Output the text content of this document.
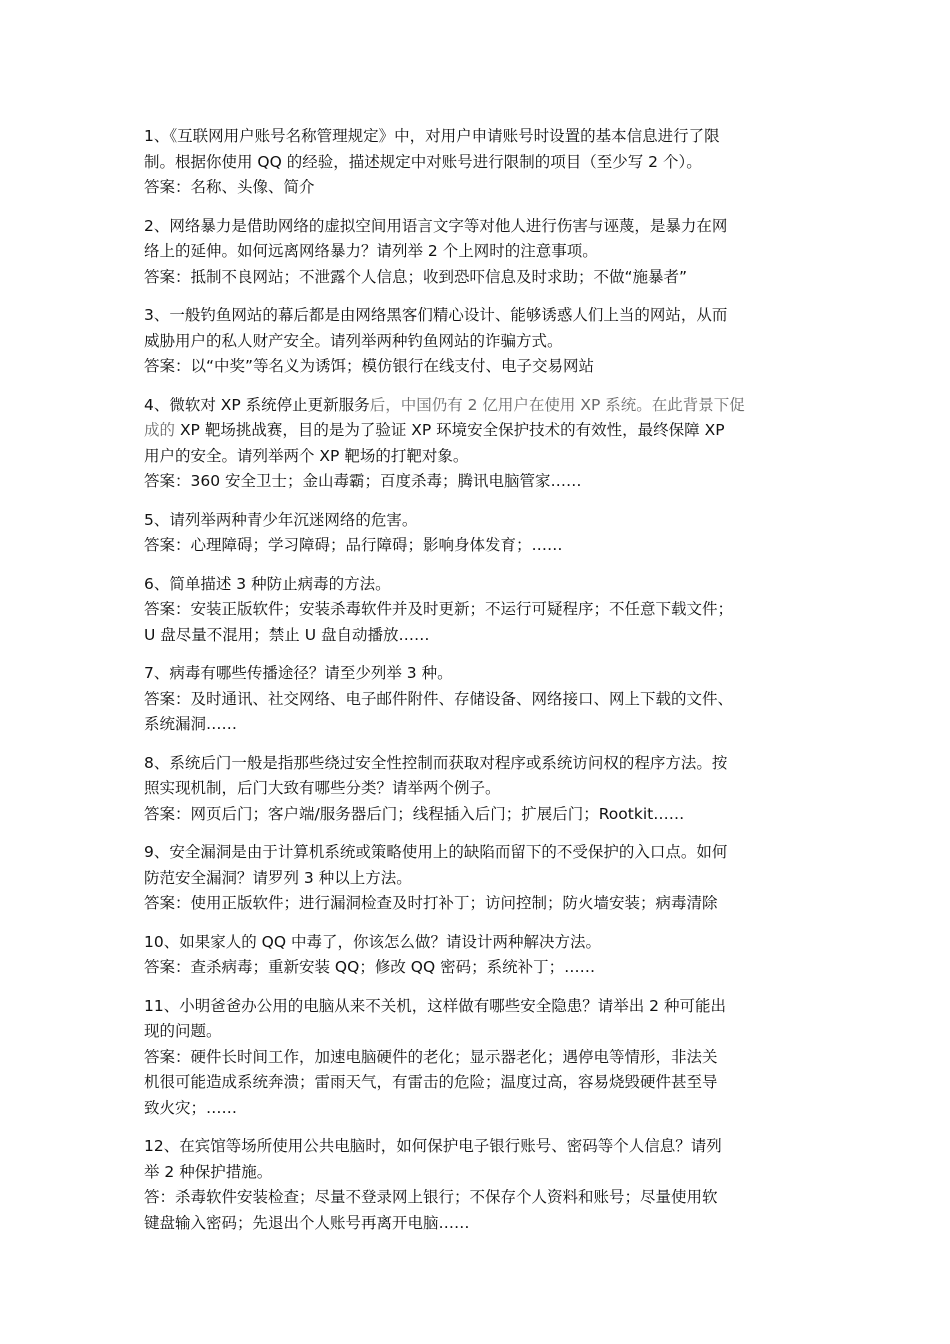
1、《互联网用户账号名称管理规定》中，对用户申请账号时设置的基本信息进行了限
制。根据你使用 QQ 的经验，描述规定中对账号进行限制的项目（至少写 2 个）。
答案：名称、头像、简介
2、网络暴力是借助网络的虚拟空间用语言文字等对他人进行伤害与诬蔑，是暴力在网
络上的延伸。如何远离网络暴力？请列举 2 个上网时的注意事项。
答案：抵制不良网站；不泄露个人信息；收到恐吓信息及时求助；不做“施暴者”
3、一般钓鱼网站的幕后都是由网络黑客们精心设计、能够诱惑人们上当的网站，从而
威胁用户的私人财产安全。请列举两种钓鱼网站的诈骗方式。
答案：以“中奖”等名义为诱饵；模仿银行在线支付、电子交易网站
4、微软对 XP 系统停止更新服务后，中国仍有 2 亿用户在使用 XP 系统。在此背景下促
成的 XP 靶场挑战赛，目的是为了验证 XP 环境安全保护技术的有效性，最终保障 XP
用户的安全。请列举两个 XP 靶场的打靶对象。
答案：360 安全卫士；金山毒霸；百度杀毒；腾讯电脑管家……
5、请列举两种青少年沉迷网络的危害。
答案：心理障碍；学习障碍；品行障碍；影响身体发育；……
6、简单描述 3 种防止病毒的方法。
答案：安装正版软件；安装杀毒软件并及时更新；不运行可疑程序；不任意下载文件；
U 盘尽量不混用；禁止 U 盘自动播放……
7、病毒有哪些传播途径？请至少列举 3 种。
答案：及时通讯、社交网络、电子邮件附件、存储设备、网络接口、网上下载的文件、
系统漏洞……
8、系统后门一般是指那些绕过安全性控制而获取对程序或系统访问权的程序方法。按
照实现机制，后门大致有哪些分类？请举两个例子。
答案：网页后门；客户端/服务器后门；线程插入后门；扩展后门；Rootkit……
9、安全漏洞是由于计算机系统或策略使用上的缺陷而留下的不受保护的入口点。如何
防范安全漏洞？请罗列 3 种以上方法。
答案：使用正版软件；进行漏洞检查及时打补丁；访问控制；防火墙安装；病毒清除
10、如果家人的 QQ 中毒了，你该怎么做？请设计两种解决方法。
答案：查杀病毒；重新安装 QQ；修改 QQ 密码；系统补丁；……
11、小明爸爸办公用的电脑从来不关机，这样做有哪些安全隐患？请举出 2 种可能出
现的问题。
答案：硬件长时间工作，加速电脑硬件的老化；显示器老化；遇停电等情形，非法关
机很可能造成系统奔溃；雷雨天气，有雷击的危险；温度过高，容易烧毁硬件甚至导
致火灾；……
12、在宾馆等场所使用公共电脑时，如何保护电子银行账号、密码等个人信息？请列
举 2 种保护措施。
答：杀毒软件安装检查；尽量不登录网上银行；不保存个人资料和账号；尽量使用软
键盘输入密码；先退出个人账号再离开电脑……
